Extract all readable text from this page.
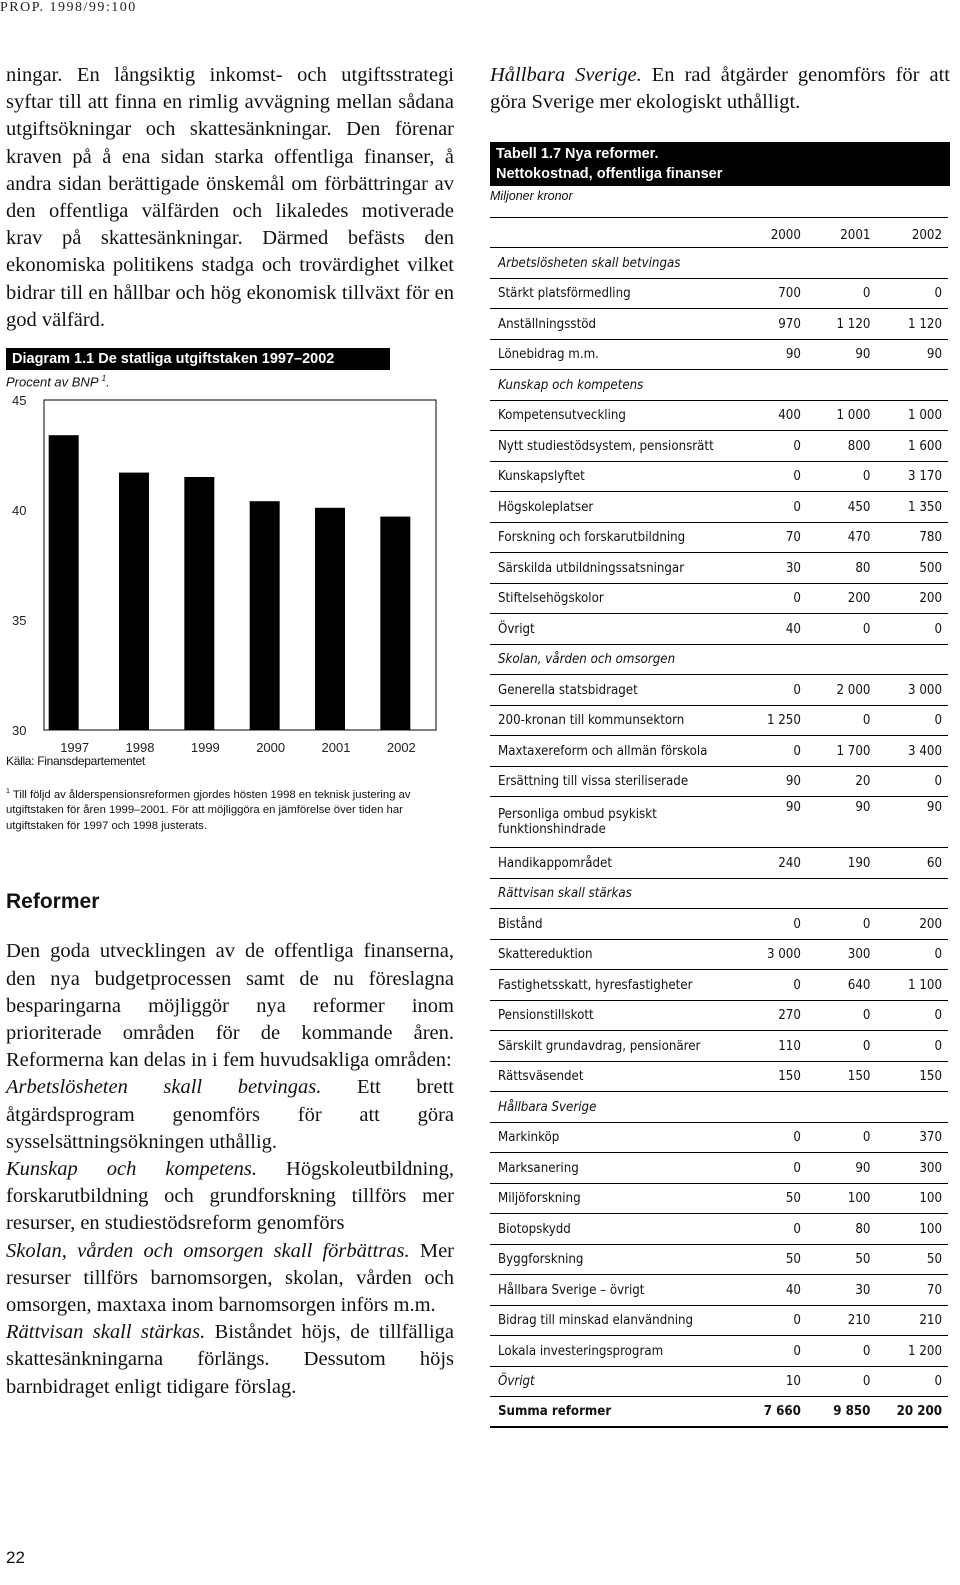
PROP. 1998/99:100
ningar. En långsiktig inkomst- och utgiftsstrategi syftar till att finna en rimlig avvägning mellan sådana utgiftsökningar och skattesänkningar. Den förenar kraven på å ena sidan starka offentliga finanser, å andra sidan berättigade önskemål om förbättringar av den offentliga välfärden och likaledes motiverade krav på skattesänkningar. Därmed befästs den ekonomiska politikens stadga och trovärdighet vilket bidrar till en hållbar och hög ekonomisk tillväxt för en god välfärd.
Diagram 1.1 De statliga utgiftstaken 1997–2002
Procent av BNP $^1$.
30
35
40
45
1997	1998	1999	2000	2001	2002
Källa: Finansdepartementet
$^1$ Till följd av ålderspensionsreformen gjordes hösten 1998 en teknisk justering av utgiftstaken för åren 1999–2001. För att möjliggöra en jämförelse över tiden har utgiftstaken för 1997 och 1998 justerats.
Reformer

Den goda utvecklingen av de offentliga finanserna, den nya budgetprocessen samt de nu föreslagna besparingarna möjliggör nya reformer inom prioriterade områden för de kommande åren. Reformerna kan delas in i fem huvudsakliga områden:

Arbetslösheten skall betvingas. Ett brett åtgärdsprogram genomförs för att göra sysselsättningsökningen uthållig.

Kunskap och kompetens. Högskoleutbildning, forskarutbildning och grundforskning tillförs mer resurser, en studiestödsreform genomförs

Skolan, vården och omsorgen skall förbättras. Mer resurser tillförs barnomsorgen, skolan, vården och omsorgen, maxtaxa inom barnomsorgen införs m.m.

Rättvisan skall stärkas. Biståndet höjs, de tillfälliga skattesänkningarna förlängs. Dessutom höjs barnbidraget enligt tidigare förslag.

Hållbara Sverige. En rad åtgärder genomförs för att göra Sverige mer ekologiskt uthålligt.
Tabell 1.7 Nya reformer.
Nettokostnad, offentliga finanser
Miljoner kronor
	2000	2001	2002
Arbetslösheten skall betvingas			
Stärkt platsförmedling	700	0	0
Anställningsstöd	970	1 120	1 120
Lönebidrag m.m.	90	90	90
Kunskap och kompetens			
Kompetensutveckling	400	1 000	1 000
Nytt studiestödsystem, pensionsrätt	0	800	1 600
Kunskapslyftet	0	0	3 170
Högskoleplatser	0	450	1 350
Forskning och forskarutbildning	70	470	780
Särskilda utbildningssatsningar	30	80	500
Stiftelsehögskolor	0	200	200
Övrigt	40	0	0
Skolan, vården och omsorgen			
Generella statsbidraget	0	2 000	3 000
200-kronan till kommunsektorn	1 250	0	0
Maxtaxereform och allmän förskola	0	1 700	3 400
Ersättning till vissa steriliserade	90	20	0
Personliga ombud psykiskt funktionshindrade	90	90	90
Handikappområdet	240	190	60
Rättvisan skall stärkas			
Bistånd	0	0	200
Skattereduktion	3 000	300	0
Fastighetsskatt, hyresfastigheter	0	640	1 100
Pensionstillskott	270	0	0
Särskilt grundavdrag, pensionärer	110	0	0
Rättsväsendet	150	150	150
Hållbara Sverige			
Markinköp	0	0	370
Marksanering	0	90	300
Miljöforskning	50	100	100
Biotopskydd	0	80	100
Byggforskning	50	50	50
Hållbara Sverige – övrigt	40	30	70
Bidrag till minskad elanvändning	0	210	210
Lokala investeringsprogram	0	0	1 200
Övrigt	10	0	0
Summa reformer	7 660	9 850	20 200
22
